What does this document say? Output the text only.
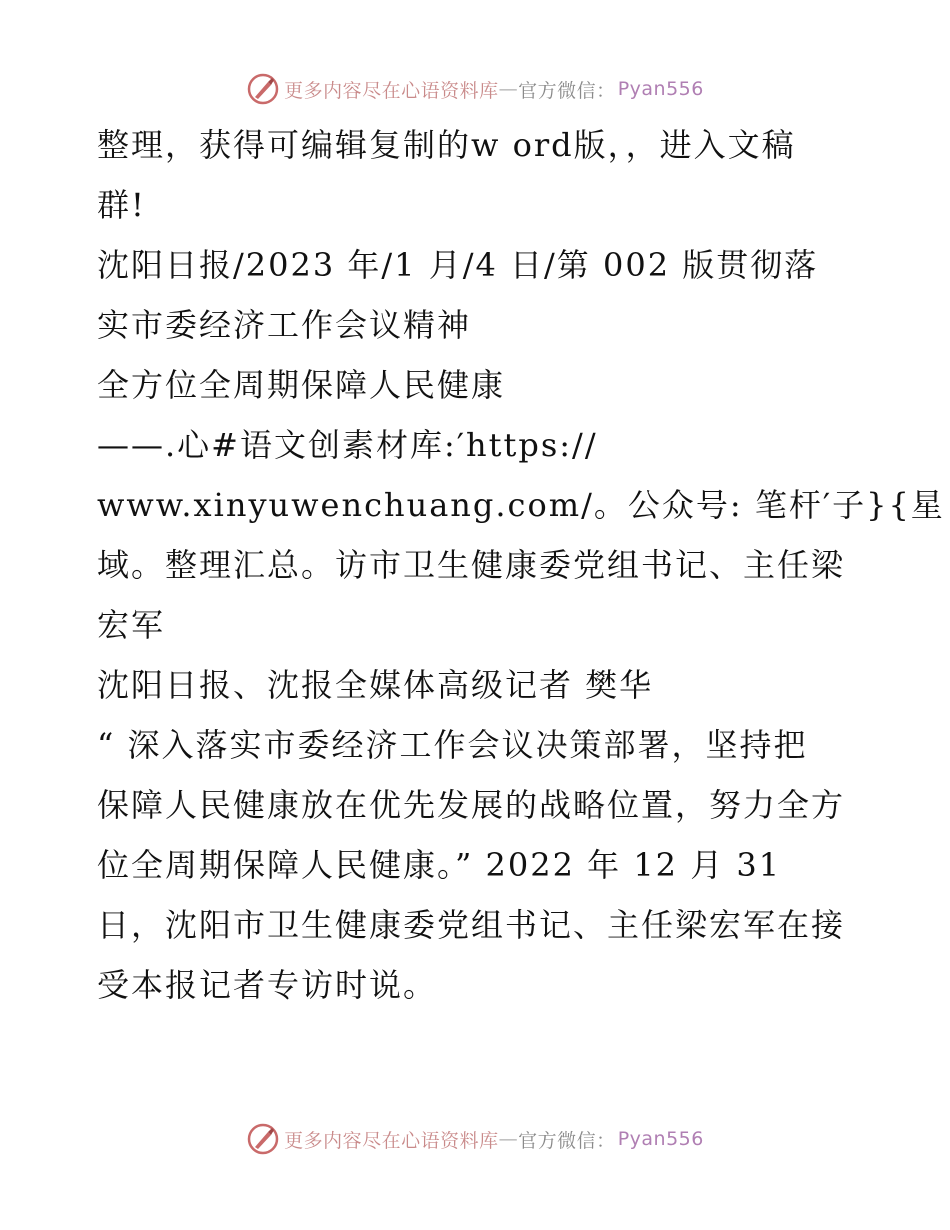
更多内容尽在心语资料库 — 官方微信： Pyan556
整理，获得可编辑复制的w ord版，，进入文稿
群!
沈阳日报/2023 年/1 月/4 日/第 002 版贯彻落
实市委经济工作会议精神
全方位全周期保障人民健康
——.心#语文创素材库:′https://
www.xinyuwenchuang.com/。公众号: 笔杆′子}{星
域。整理汇总。访市卫生健康委党组书记、主任梁
宏军
沈阳日报、沈报全媒体高级记者 樊华
“ 深入落实市委经济工作会议决策部署，坚持把
保障人民健康放在优先发展的战略位置，努力全方
位全周期保障人民健康。” 2022 年 12 月 31
日，沈阳市卫生健康委党组书记、主任梁宏军在接
受本报记者专访时说。
更多内容尽在心语资料库 — 官方微信： Pyan556
